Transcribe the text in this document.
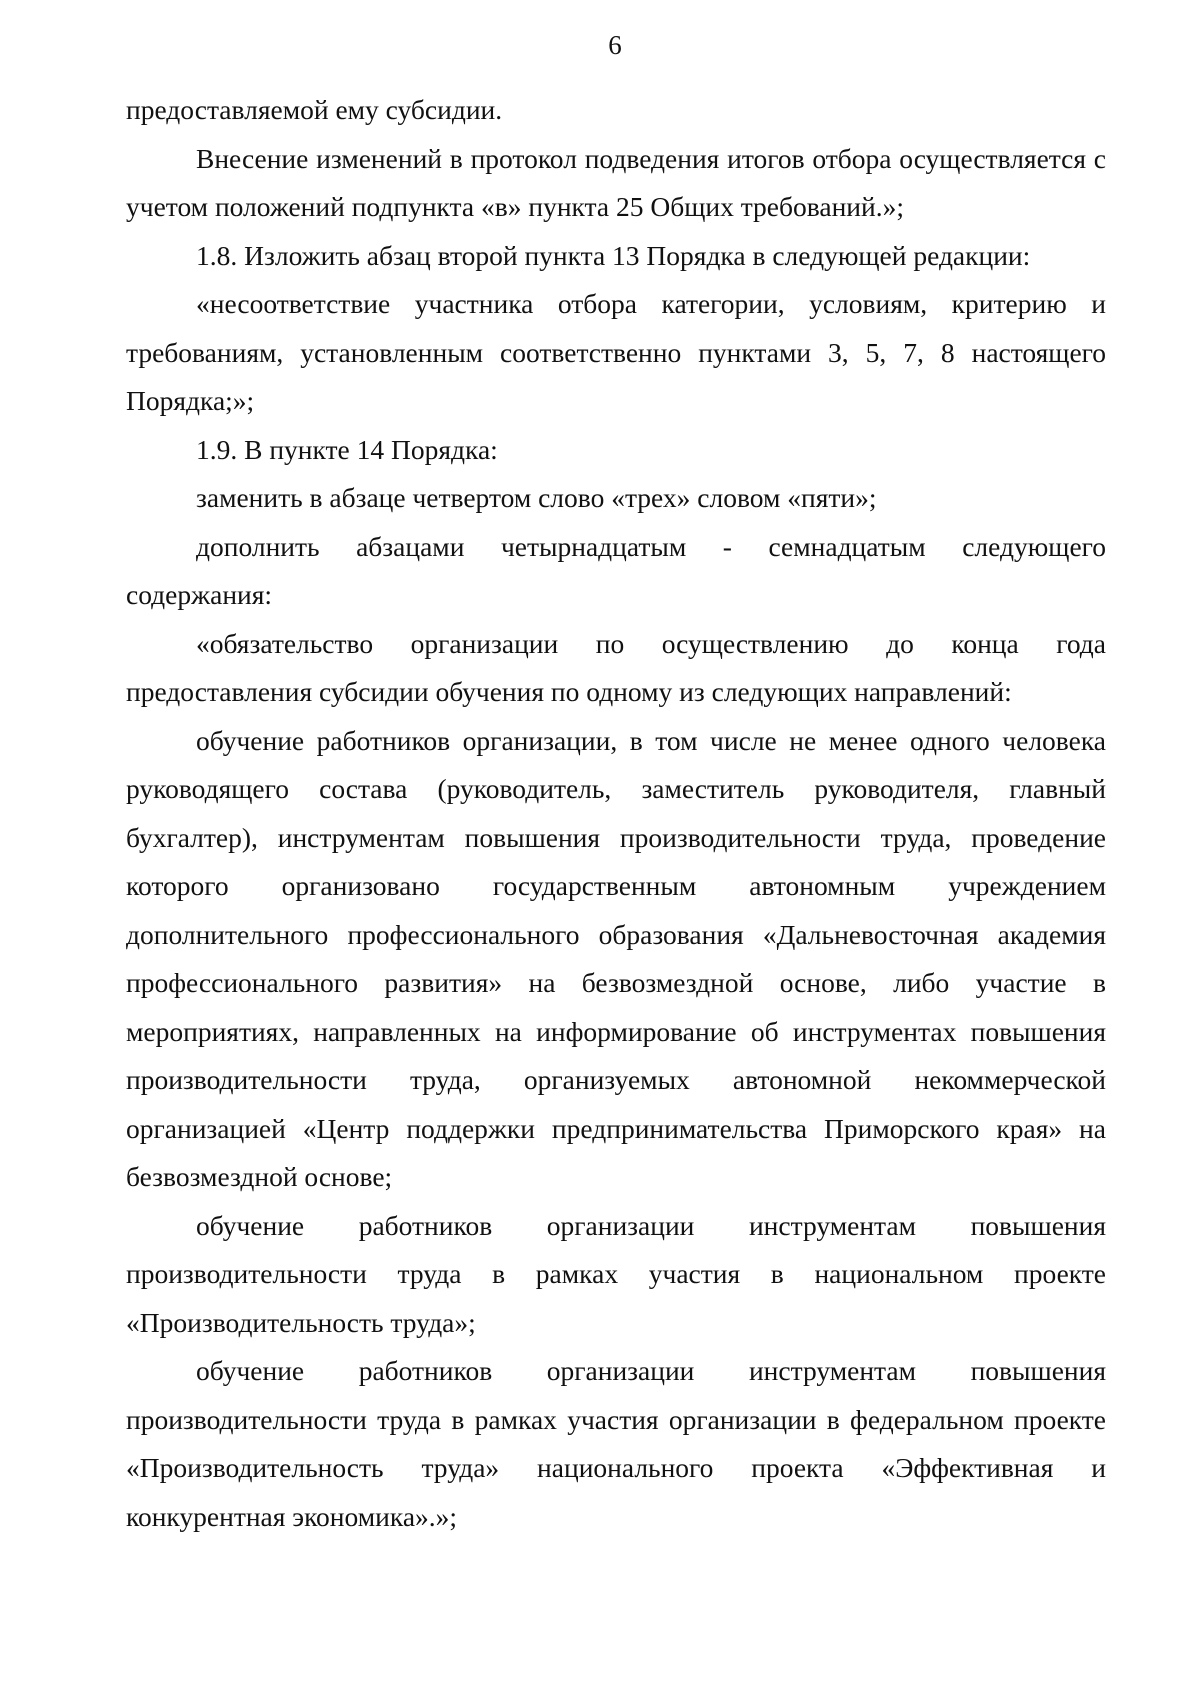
6

предоставляемой ему субсидии.

Внесение изменений в протокол подведения итогов отбора осуществляется с учетом положений подпункта «в» пункта 25 Общих требований.»;

1.8. Изложить абзац второй пункта 13 Порядка в следующей редакции:

«несоответствие участника отбора категории, условиям, критерию и требованиям, установленным соответственно пунктами 3, 5, 7, 8 настоящего Порядка;»;

1.9. В пункте 14 Порядка:

заменить в абзаце четвертом слово «трех» словом «пяти»;

дополнить абзацами четырнадцатым - семнадцатым следующего содержания:

«обязательство организации по осуществлению до конца года предоставления субсидии обучения по одному из следующих направлений:

обучение работников организации, в том числе не менее одного человека руководящего состава (руководитель, заместитель руководителя, главный бухгалтер), инструментам повышения производительности труда, проведение которого организовано государственным автономным учреждением дополнительного профессионального образования «Дальневосточная академия профессионального развития» на безвозмездной основе, либо участие в мероприятиях, направленных на информирование об инструментах повышения производительности труда, организуемых автономной некоммерческой организацией «Центр поддержки предпринимательства Приморского края» на безвозмездной основе;

обучение работников организации инструментам повышения производительности труда в рамках участия в национальном проекте «Производительность труда»;

обучение работников организации инструментам повышения производительности труда в рамках участия организации в федеральном проекте «Производительность труда» национального проекта «Эффективная и конкурентная экономика».»;
